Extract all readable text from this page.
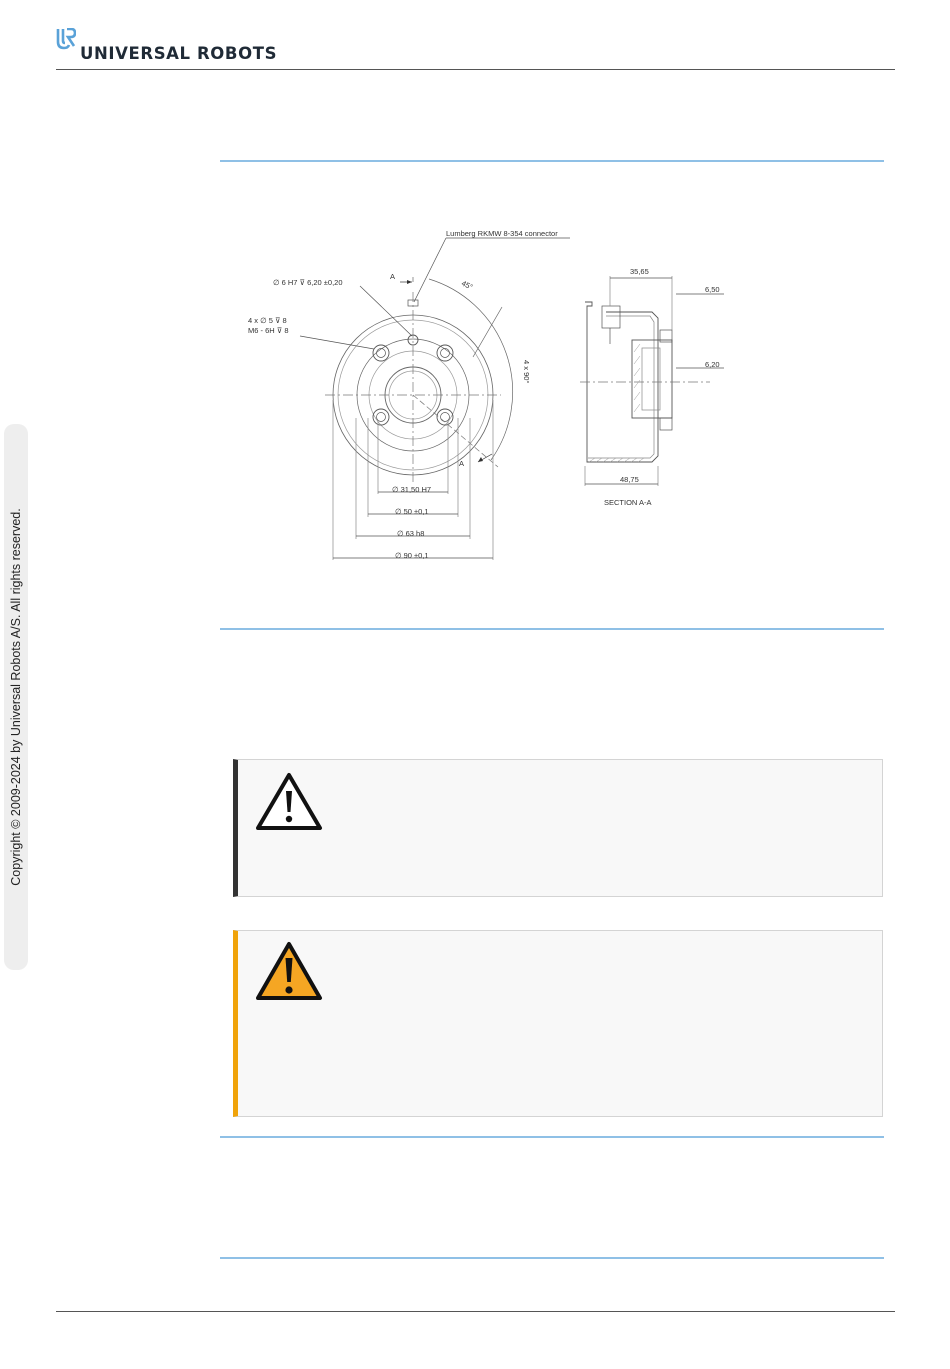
UNIVERSAL ROBOTS
Copyright © 2009-2024 by Universal Robots A/S. All rights reserved.
Lumberg RKMW 8-354 connector
A
A
∅ 6 H7 ⊽ 6,20 ±0,20
4 x ∅ 5 ⊽ 8
M6 - 6H ⊽ 8
45°
4 x 90°
∅ 31,50 H7
∅ 50 ±0,1
∅ 63 h8
∅ 90 ±0,1
35,65
6,50
6,20
48,75
SECTION A-A
